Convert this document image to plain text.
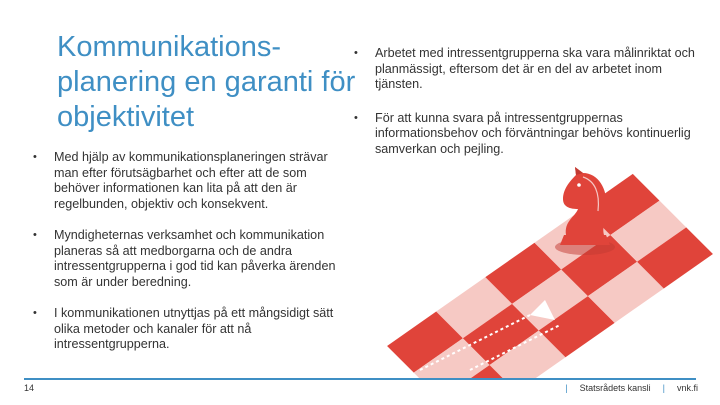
Kommunikations-
planering en garanti för
objektivitet
• Med hjälp av kommunikationsplaneringen strävar man efter förutsägbarhet och efter att de som behöver informationen kan lita på att den är regelbunden, objektiv och konsekvent.
• Myndigheternas verksamhet och kommunikation planeras så att medborgarna och de andra intressentgrupperna i god tid kan påverka ärenden som är under beredning.
• I kommunikationen utnyttjas på ett mångsidigt sätt olika metoder och kanaler för att nå intressentgrupperna.
• Arbetet med intressentgrupperna ska vara målinriktat och planmässigt, eftersom det är en del av arbetet inom tjänsten.
• För att kunna svara på intressentgruppernas informationsbehov och förväntningar behövs kontinuerlig samverkan och pejling.
14	| Statsrådets kansli | vnk.fi
